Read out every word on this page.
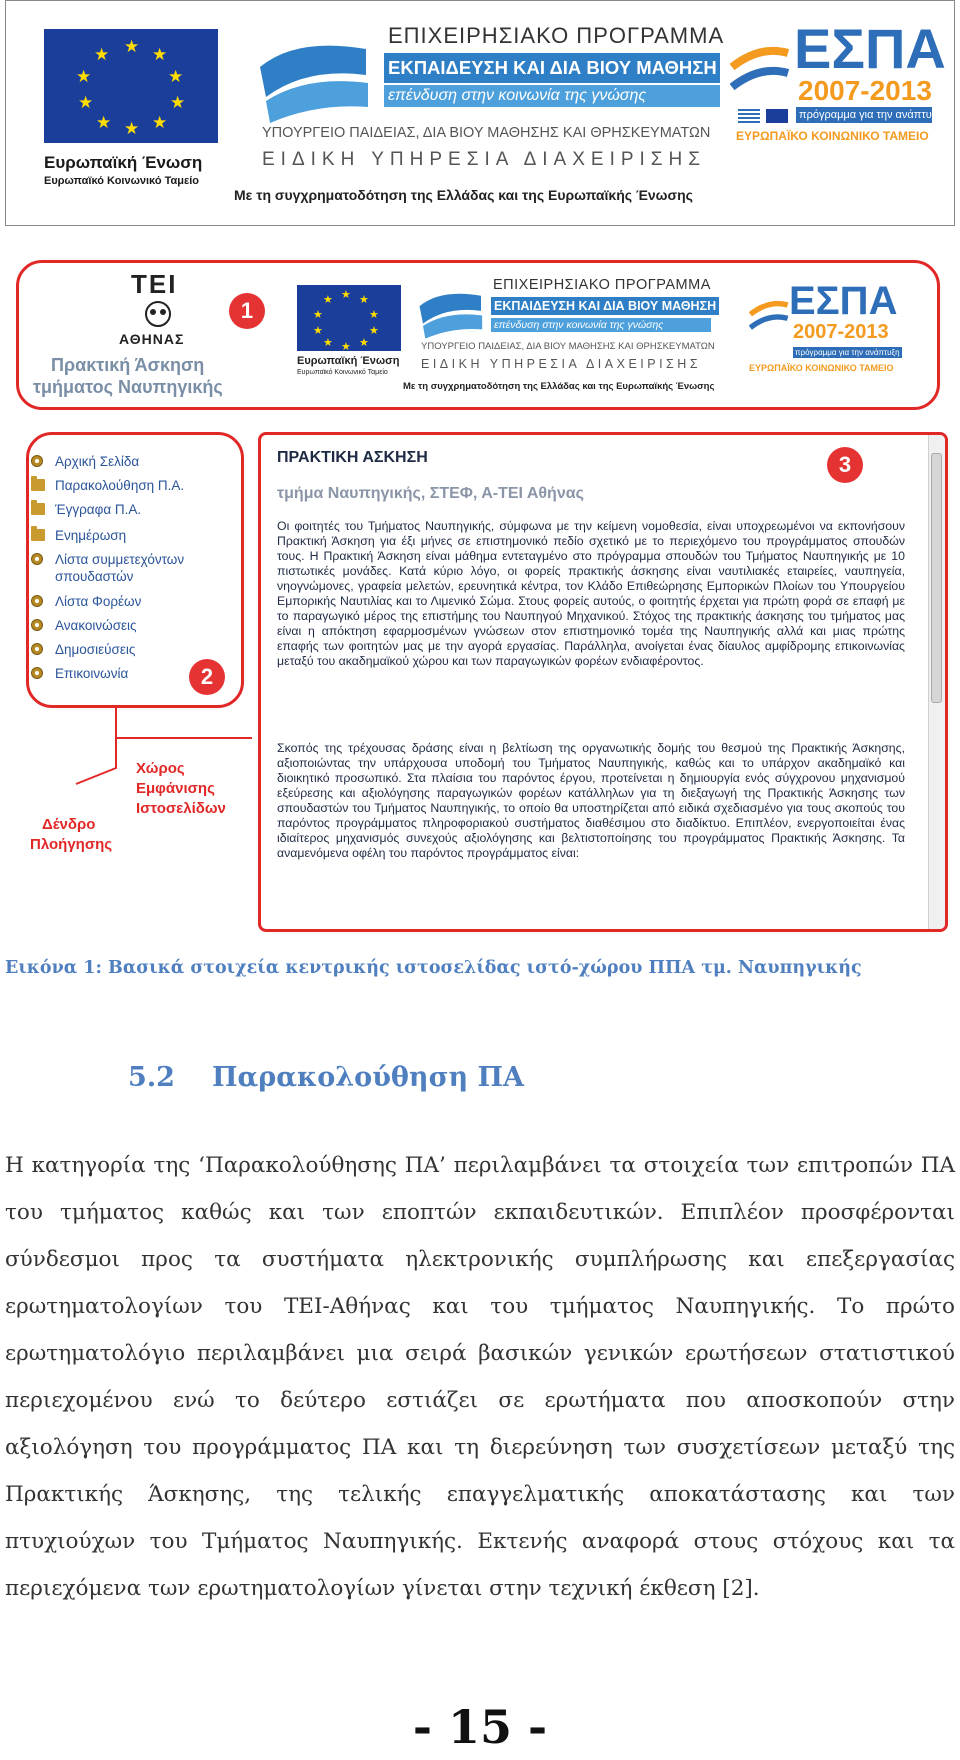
★ ★
★
★
★
★
★
★
★
★
Ευρωπαϊκή Ένωση
Ευρωπαϊκό Κοινωνικό Ταμείο
ΕΠΙΧΕΙΡΗΣΙΑΚΟ ΠΡΟΓΡΑΜΜΑ
ΕΚΠΑΙΔΕΥΣΗ ΚΑΙ ΔΙΑ ΒΙΟΥ ΜΑΘΗΣΗ
επένδυση στην κοινωνία της γνώσης
ΥΠΟΥΡΓΕΙΟ ΠΑΙΔΕΙΑΣ, ΔΙΑ ΒΙΟΥ ΜΑΘΗΣΗΣ ΚΑΙ ΘΡΗΣΚΕΥΜΑΤΩΝ
ΕΙΔΙΚΗ ΥΠΗΡΕΣΙΑ ΔΙΑΧΕΙΡΙΣΗΣ
Με τη συγχρηματοδότηση της Ελλάδας και της Ευρωπαϊκής Ένωσης
ΕΣΠΑ
2007-2013
πρόγραμμα για την ανάπτυξη
ΕΥΡΩΠΑΪΚΟ ΚΟΙΝΩΝΙΚΟ ΤΑΜΕΙΟ
ΤΕΙ
ΑΘΗΝΑΣ
Πρακτική Άσκηση
τμήματος Ναυπηγικής
1
★ ★
★
★
★
★
★
★
★
★
Ευρωπαϊκή Ένωση
Ευρωπαϊκό Κοινωνικό Ταμείο
ΕΠΙΧΕΙΡΗΣΙΑΚΟ ΠΡΟΓΡΑΜΜΑ
ΕΚΠΑΙΔΕΥΣΗ ΚΑΙ ΔΙΑ ΒΙΟΥ ΜΑΘΗΣΗ
επένδυση στην κοινωνία της γνώσης
ΥΠΟΥΡΓΕΙΟ ΠΑΙΔΕΙΑΣ, ΔΙΑ ΒΙΟΥ ΜΑΘΗΣΗΣ ΚΑΙ ΘΡΗΣΚΕΥΜΑΤΩΝ
ΕΙΔΙΚΗ ΥΠΗΡΕΣΙΑ ΔΙΑΧΕΙΡΙΣΗΣ
Με τη συγχρηματοδότηση της Ελλάδας και της Ευρωπαϊκής Ένωσης
ΕΣΠΑ
2007-2013
πρόγραμμα για την ανάπτυξη
ΕΥΡΩΠΑΪΚΟ ΚΟΙΝΩΝΙΚΟ ΤΑΜΕΙΟ
Αρχική Σελίδα
Παρακολούθηση Π.Α.
Έγγραφα Π.Α.
Ενημέρωση
Λίστα συμμετεχόντων
σπουδαστών
Λίστα Φορέων
Ανακοινώσεις
Δημοσιεύσεις
Επικοινωνία	2
Χώρος
Εμφάνισης
Ιστοσελίδων
Δένδρο
Πλοήγησης
ΠΡΑΚΤΙΚΗ ΑΣΚΗΣΗ
τμήμα Ναυπηγικής, ΣΤΕΦ, Α-ΤΕΙ Αθήνας
3
Οι φοιτητές του Τμήματος Ναυπηγικής, σύμφωνα με την κείμενη νομοθεσία, είναι υποχρεωμένοι να εκπονήσουν Πρακτική Άσκηση για έξι μήνες σε επιστημονικό πεδίο σχετικό με το περιεχόμενο του προγράμματος σπουδών τους. Η Πρακτική Άσκηση είναι μάθημα εντεταγμένο στο πρόγραμμα σπουδών του Τμήματος Ναυπηγικής με 10 πιστωτικές μονάδες. Κατά κύριο λόγο, οι φορείς πρακτικής άσκησης είναι ναυτιλιακές εταιρείες, ναυπηγεία, νηογνώμονες, γραφεία μελετών, ερευνητικά κέντρα, τον Κλάδο Επιθεώρησης Εμπορικών Πλοίων του Υπουργείου Εμπορικής Ναυτιλίας και το Λιμενικό Σώμα. Στους φορείς αυτούς, ο φοιτητής έρχεται για πρώτη φορά σε επαφή με το παραγωγικό μέρος της επιστήμης του Ναυπηγού Μηχανικού. Στόχος της πρακτικής άσκησης του τμήματος μας είναι η απόκτηση εφαρμοσμένων γνώσεων στον επιστημονικό τομέα της Ναυπηγικής αλλά και μιας πρώτης επαφής των φοιτητών μας με την αγορά εργασίας. Παράλληλα, ανοίγεται ένας δίαυλος αμφίδρομης επικοινωνίας μεταξύ του ακαδημαϊκού χώρου και των παραγωγικών φορέων ενδιαφέροντος.
Σκοπός της τρέχουσας δράσης είναι η βελτίωση της οργανωτικής δομής του θεσμού της Πρακτικής Άσκησης, αξιοποιώντας την υπάρχουσα υποδομή του Τμήματος Ναυπηγικής, καθώς και το υπάρχον ακαδημαϊκό και διοικητικό προσωπικό. Στα πλαίσια του παρόντος έργου, προτείνεται η δημιουργία ενός σύγχρονου μηχανισμού εξεύρεσης και αξιολόγησης παραγωγικών φορέων κατάλληλων για τη διεξαγωγή της Πρακτικής Άσκησης των σπουδαστών του Τμήματος Ναυπηγικής, το οποίο θα υποστηρίζεται από ειδικά σχεδιασμένο για τους σκοπούς του παρόντος προγράμματος πληροφοριακού συστήματος διαθέσιμου στο διαδίκτυο. Επιπλέον, ενεργοποιείται ένας ιδιαίτερος μηχανισμός συνεχούς αξιολόγησης και βελτιστοποίησης του προγράμματος Πρακτικής Άσκησης. Τα αναμενόμενα οφέλη του παρόντος προγράμματος είναι:
Εικόνα 1: Βασικά στοιχεία κεντρικής ιστοσελίδας ιστό-χώρου ΠΠΑ τμ. Ναυπηγικής
5.2 Παρακολούθηση ΠΑ
Η κατηγορία της ‘Παρακολούθησης ΠΑ’ περιλαμβάνει τα στοιχεία των επιτροπών ΠΑ του τμήματος καθώς και των εποπτών εκπαιδευτικών. Επιπλέον προσφέρονται σύνδεσμοι προς τα συστήματα ηλεκτρονικής συμπλήρωσης και επεξεργασίας ερωτηματολογίων του ΤΕΙ-Αθήνας και του τμήματος Ναυπηγικής. Το πρώτο ερωτηματολόγιο περιλαμβάνει μια σειρά βασικών γενικών ερωτήσεων στατιστικού περιεχομένου ενώ το δεύτερο εστιάζει σε ερωτήματα που αποσκοπούν στην αξιολόγηση του προγράμματος ΠΑ και τη διερεύνηση των συσχετίσεων μεταξύ της Πρακτικής Άσκησης, της τελικής επαγγελματικής αποκατάστασης και των πτυχιούχων του Τμήματος Ναυπηγικής. Εκτενής αναφορά στους στόχους και τα περιεχόμενα των ερωτηματολογίων γίνεται στην τεχνική έκθεση [2].
- 15 -
